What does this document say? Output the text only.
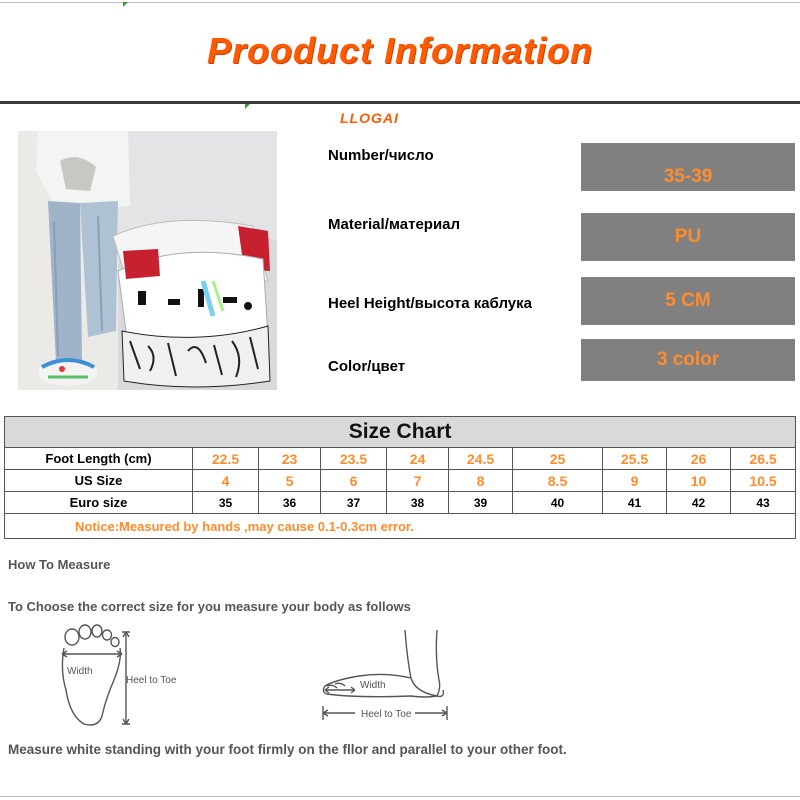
Prooduct Information
LLOGAI
Number/число
35-39
Material/материал
PU
Heel Height/высота каблука	5 CM
Color/цвет	3 color
Size Chart									
Foot Length (cm)	22.5	23	23.5	24	24.5	25	25.5	26	26.5
US Size	4	5	6	7	8	8.5	9	10	10.5
Euro size	35	36	37	38	39	40	41	42	43
Notice:Measured by hands ,may cause 0.1-0.3cm error.									
How To Measure
To Choose the correct size for you measure your body as follows
Width
Heel to Toe	Width
Heel to Toe
Measure white standing with your foot firmly on the fllor and parallel to your other foot.
